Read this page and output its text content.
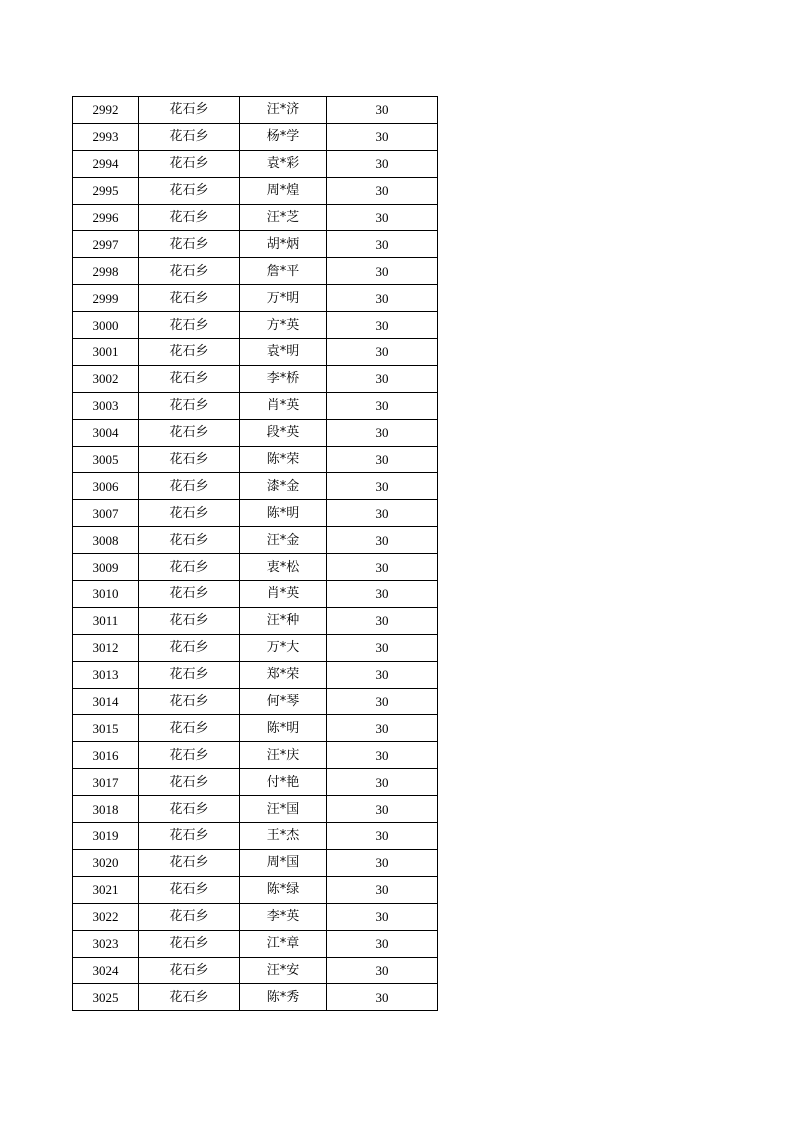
2992	花石乡	汪*济	30
2993	花石乡	杨*学	30
2994	花石乡	袁*彩	30
2995	花石乡	周*煌	30
2996	花石乡	汪*芝	30
2997	花石乡	胡*炳	30
2998	花石乡	詹*平	30
2999	花石乡	万*明	30
3000	花石乡	方*英	30
3001	花石乡	袁*明	30
3002	花石乡	李*桥	30
3003	花石乡	肖*英	30
3004	花石乡	段*英	30
3005	花石乡	陈*荣	30
3006	花石乡	漆*金	30
3007	花石乡	陈*明	30
3008	花石乡	汪*金	30
3009	花石乡	衷*松	30
3010	花石乡	肖*英	30
3011	花石乡	汪*种	30
3012	花石乡	万*大	30
3013	花石乡	郑*荣	30
3014	花石乡	何*琴	30
3015	花石乡	陈*明	30
3016	花石乡	汪*庆	30
3017	花石乡	付*艳	30
3018	花石乡	汪*国	30
3019	花石乡	王*杰	30
3020	花石乡	周*国	30
3021	花石乡	陈*绿	30
3022	花石乡	李*英	30
3023	花石乡	江*章	30
3024	花石乡	汪*安	30
3025	花石乡	陈*秀	30
